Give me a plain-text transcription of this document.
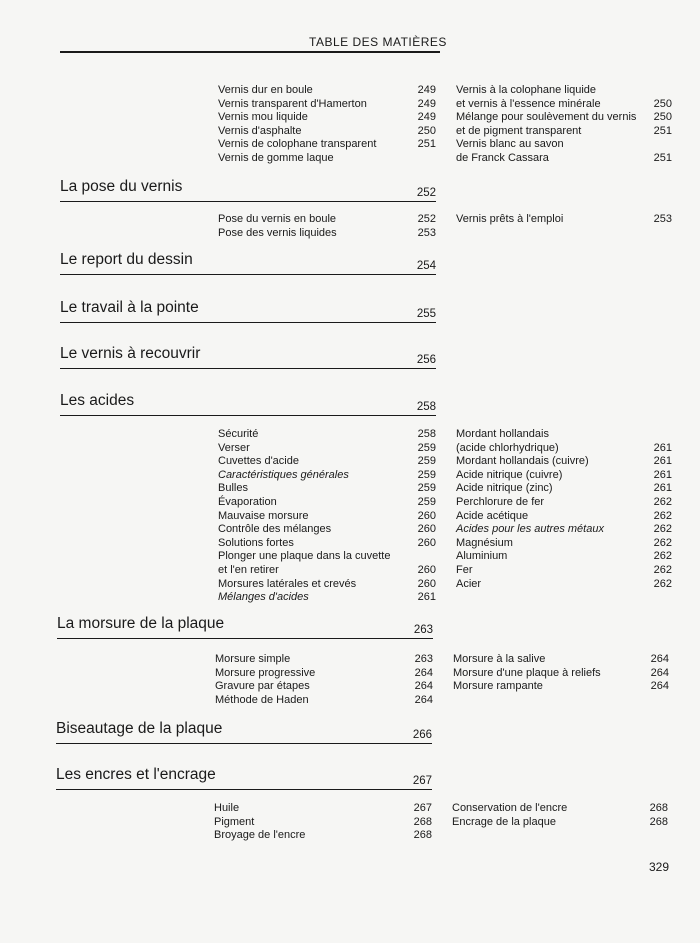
TABLE DES MATIÈRES
Vernis dur en boule	249
Vernis transparent d'Hamerton	249
Vernis mou liquide	249
Vernis d'asphalte	250
Vernis de colophane transparent	251
Vernis de gomme laque
Vernis à la colophane liquide
et vernis à l'essence minérale	250
Mélange pour soulèvement du vernis 250
et de pigment transparent	251
Vernis blanc au savon
de Franck Cassara	251
La pose du vernis	252
Pose du vernis en boule	252
Pose des vernis liquides	253
Vernis prêts à l'emploi	253
Le report du dessin	254
Le travail à la pointe	255
Le vernis à recouvrir	256
Les acides	258
Sécurité	258
Verser	259
Cuvettes d'acide	259
Caractéristiques générales	259
Bulles	259
Évaporation	259
Mauvaise morsure	260
Contrôle des mélanges	260
Solutions fortes	260
Plonger une plaque dans la cuvette
et l'en retirer	260
Morsures latérales et crevés	260
Mélanges d'acides	261
Mordant hollandais
(acide chlorhydrique)	261
Mordant hollandais (cuivre)	261
Acide nitrique (cuivre)	261
Acide nitrique (zinc)	261
Perchlorure de fer	262
Acide acétique	262
Acides pour les autres métaux	262
Magnésium	262
Aluminium	262
Fer	262
Acier	262
La morsure de la plaque	263
Morsure simple	263
Morsure progressive	264
Gravure par étapes	264
Méthode de Haden	264
Morsure à la salive	264
Morsure d'une plaque à reliefs	264
Morsure rampante	264
Biseautage de la plaque	266
Les encres et l'encrage	267
Huile	267
Pigment	268
Broyage de l'encre	268
Conservation de l'encre	268
Encrage de la plaque	268
329
